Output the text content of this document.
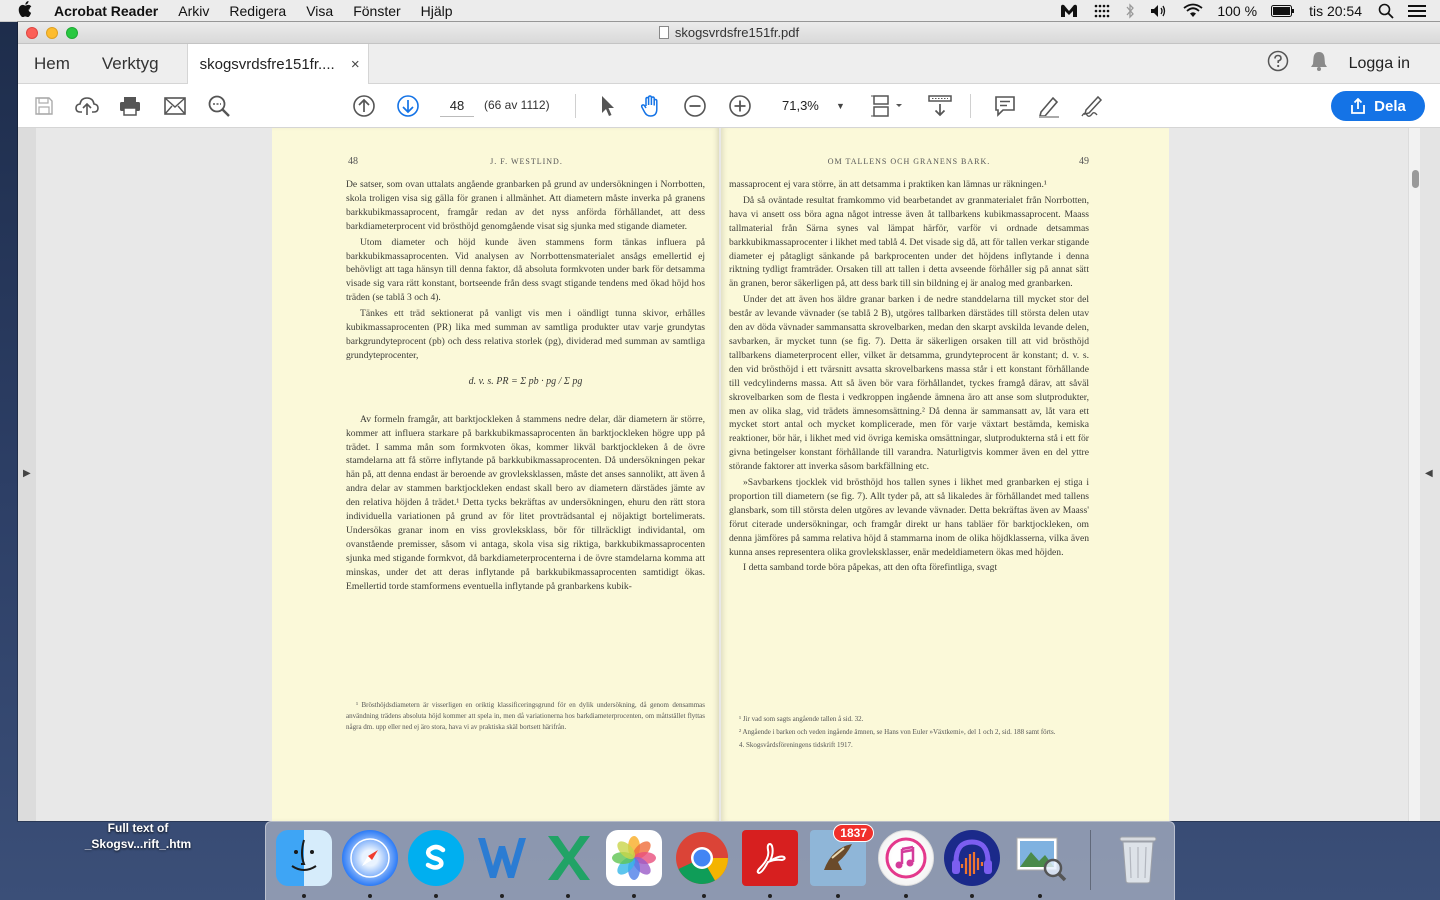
Acrobat Reader Arkiv Redigera Visa Fönster Hjälp	100 %	tis 20:54
skogsvrdsfre151fr.pdf
Hem	Verktyg	skogsvrdsfre151fr.... ×	Logga in
48
(66 av 1112)	71,3% ▼	Dela
▶
48	J. F. WESTLIND.

De satser, som ovan uttalats angående granbarken på grund av undersökningen i Norrbotten, skola troligen visa sig gälla för granen i allmänhet. Att diametern måste inverka på granens barkkubikmassaprocent, framgår redan av det nyss anförda förhållandet, att dess barkdiameterprocent vid brösthöjd genomgående visat sig sjunka med stigande diameter.

Utom diameter och höjd kunde även stammens form tänkas influera på barkkubikmassaprocenten. Vid analysen av Norrbottensmaterialet ansågs emellertid ej behövligt att taga hänsyn till denna faktor, då absoluta formkvoten under bark för detsamma visade sig vara rätt konstant, bortseende från dess svagt stigande tendens med ökad höjd hos träden (se tablå 3 och 4).

Tänkes ett träd sektionerat på vanligt vis men i oändligt tunna skivor, erhålles kubikmassaprocenten (PR) lika med summan av samtliga produkter utav varje grundytas barkgrundyteprocent (pb) och dess relativa storlek (pg), dividerad med summan av samtliga grundyteprocenter,

d. v. s. PR = Σ pb · pg / Σ pg

Av formeln framgår, att barktjockleken å stammens nedre delar, där diametern är större, kommer att influera starkare på barkkubikmassaprocenten än barktjockleken högre upp på trädet. I samma mån som formkvoten ökas, kommer likväl barktjockleken å de övre stamdelarna att få större inflytande på barkkubikmassaprocenten. Då undersökningen pekar hän på, att denna endast är beroende av grovleksklassen, måste det anses sannolikt, att även å andra delar av stammen barktjockleken endast skall bero av diametern därstädes jämte av den relativa höjden å trädet.¹ Detta tycks bekräftas av undersökningen, ehuru den rätt stora individuella variationen på grund av för litet provträdsantal ej nöjaktigt bortelimerats. Undersökas granar inom en viss grovleksklass, bör för tillräckligt individantal, om ovanstående premisser, såsom vi antaga, skola visa sig riktiga, barkkubikmassaprocenten sjunka med stigande formkvot, då barkdiameterprocenterna i de övre stamdelarna komma att minskas, under det att deras inflytande på barkkubikmassaprocenten samtidigt ökas. Emellertid torde stamformens eventuella inflytande på granbarkens kubik-

¹ Brösthöjdsdiametern är visserligen en oriktig klassificeringsgrund för en dylik undersökning, då genom densammas användning trädens absoluta höjd kommer att spela in, men då variationerna hos barkdiameterprocenten, om måttstället flyttas några dm. upp eller ned ej äro stora, hava vi av praktiska skäl bortsett härifrån.

OM TALLENS OCH GRANENS BARK.	49

massaprocent ej vara större, än att detsamma i praktiken kan lämnas ur räkningen.¹

Då så oväntade resultat framkommo vid bearbetandet av granmaterialet från Norrbotten, hava vi ansett oss böra agna något intresse även åt tallbarkens kubikmassaprocent. Maass tallmaterial från Särna synes val lämpat härför, varför vi ordnade detsammas barkkubikmassaprocenter i likhet med tablå 4. Det visade sig då, att för tallen verkar stigande diameter ej påtagligt sänkande på barkprocenten under det höjdens inflytande i denna riktning tydligt framträder. Orsaken till att tallen i detta avseende förhåller sig på annat sätt än granen, beror säkerligen på, att dess bark till sin bildning ej är analog med granbarken.

Under det att även hos äldre granar barken i de nedre standdelarna till mycket stor del består av levande vävnader (se tablå 2 B), utgöres tallbarken därstädes till största delen utav den av döda vävnader sammansatta skrovelbarken, medan den skarpt avskilda levande delen, savbarken, är mycket tunn (se fig. 7). Detta är säkerligen orsaken till att vid brösthöjd tallbarkens diameterprocent eller, vilket är detsamma, grundyteprocent är konstant; d. v. s. den vid brösthöjd i ett tvärsnitt avsatta skrovelbarkens massa står i ett konstant förhållande till vedcylinderns massa. Att så även bör vara förhållandet, tyckes framgå därav, att såväl skrovelbarken som de flesta i vedkroppen ingående ämnena äro att anse som slutprodukter, men av olika slag, vid trädets ämnesomsättning.² Då denna är sammansatt av, låt vara ett mycket stort antal och mycket komplicerade, men för varje växtart bestämda, kemiska reaktioner, bör här, i likhet med vid övriga kemiska omsättningar, slutprodukterna stå i ett för givna betingelser konstant förhållande till varandra. Naturligtvis kommer även en del yttre störande faktorer att inverka såsom barkfällning etc.

»Savbarkens tjocklek vid brösthöjd hos tallen synes i likhet med granbarken ej stiga i proportion till diametern (se fig. 7). Allt tyder på, att så likaledes är förhållandet med tallens glansbark, som till största delen utgöres av levande vävnader. Detta bekräftas även av Maass' förut citerade undersökningar, och framgår direkt ur hans tabläer för barktjockleken, om denna jämföres på samma relativa höjd å stammarna inom de olika höjdklasserna, vilka även kunna anses representera olika grovleksklasser, enär medeldiametern ökas med höjden.

I detta samband torde böra påpekas, att den ofta förefintliga, svagt

¹ Jir vad som sagts angående tallen å sid. 32.

² Angående i barken och veden ingående ämnen, se Hans von Euler »Växtkemi», del 1 och 2, sid. 188 samt förts.

4. Skogsvårdsföreningens tidskrift 1917.

◀
Full text of _Skogsv...rift_.htm
1837
